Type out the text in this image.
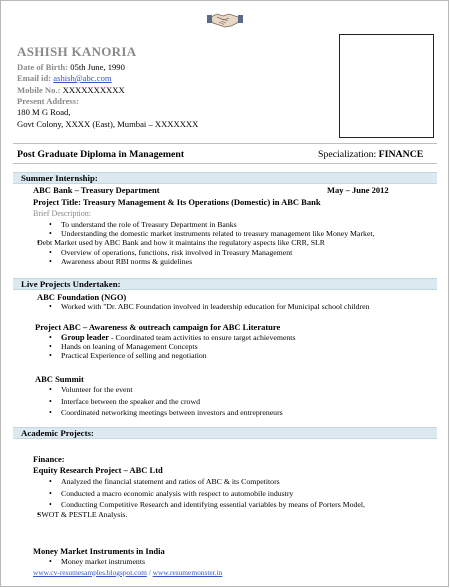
ASHISH KANORIA
Date of Birth: 05th June, 1990
Email id: ashish@abc.com
Mobile No.: XXXXXXXXXX
Present Address:
180 M G Road,
Govt Colony, XXXX (East), Mumbai – XXXXXXX
Post Graduate Diploma in Management	Specialization: FINANCE
Summer Internship:
ABC Bank – Treasury Department	May – June 2012
Project Title: Treasury Management & Its Operations (Domestic) in ABC Bank
Brief Description:
• To understand the role of Treasury Department in Banks
• Understanding the domestic market instruments related to treasury management like Money Market,
• Debt Market used by ABC Bank and how it maintains the regulatory aspects like CRR, SLR
• Overview of operations, functions, risk involved in Treasury Management
• Awareness about RBI norms & guidelines
Live Projects Undertaken:
ABC Foundation (NGO)
• Worked with "Dr. ABC Foundation involved in leadership education for Municipal school children
Project ABC – Awareness & outreach campaign for ABC Literature
• Group leader - Coordinated team activities to ensure target achievements
• Hands on leaning of Management Concepts
• Practical Experience of selling and negotiation
ABC Summit
• Volunteer for the event
• Interface between the speaker and the crowd
• Coordinated networking meetings between investors and entrepreneurs
Academic Projects:
Finance:
Equity Research Project – ABC Ltd
• Analyzed the financial statement and ratios of ABC & its Competitors
• Conducted a macro economic analysis with respect to automobile industry
• Conducting Competitive Research and identifying essential variables by means of Porters Model,
• SWOT & PESTLE Analysis.
Money Market Instruments in India
• Money market instruments
www.cv-resumesamples.blogspot.com / www.resumemonster.in
